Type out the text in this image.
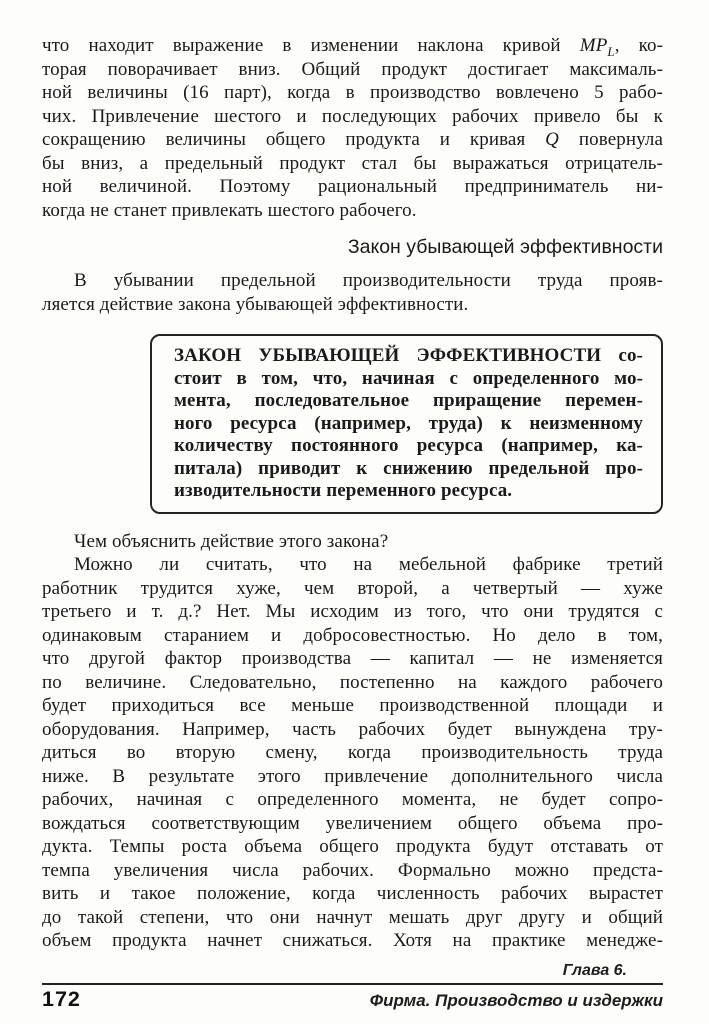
что находит выражение в изменении наклона кривой $MP_L$, ко-
торая поворачивает вниз. Общий продукт достигает максималь-
ной величины (16 парт), когда в производство вовлечено 5 рабо-
чих. Привлечение шестого и последующих рабочих привело бы к
сокращению величины общего продукта и кривая Q повернула
бы вниз, а предельный продукт стал бы выражаться отрицатель-
ной величиной. Поэтому рациональный предприниматель ни-
когда не станет привлекать шестого рабочего.
Закон убывающей эффективности
В убывании предельной производительности труда прояв-
ляется действие закона убывающей эффективности.
ЗАКОН УБЫВАЮЩЕЙ ЭФФЕКТИВНОСТИ со-
стоит в том, что, начиная с определенного мо-
мента, последовательное приращение перемен-
ного ресурса (например, труда) к неизменному
количеству постоянного ресурса (например, ка-
питала) приводит к снижению предельной про-
изводительности переменного ресурса.
Чем объяснить действие этого закона?
Можно ли считать, что на мебельной фабрике третий
работник трудится хуже, чем второй, а четвертый — хуже
третьего и т. д.? Нет. Мы исходим из того, что они трудятся с
одинаковым старанием и добросовестностью. Но дело в том,
что другой фактор производства — капитал — не изменяется
по величине. Следовательно, постепенно на каждого рабочего
будет приходиться все меньше производственной площади и
оборудования. Например, часть рабочих будет вынуждена тру-
диться во вторую смену, когда производительность труда
ниже. В результате этого привлечение дополнительного числа
рабочих, начиная с определенного момента, не будет сопро-
вождаться соответствующим увеличением общего объема про-
дукта. Темпы роста объема общего продукта будут отставать от
темпа увеличения числа рабочих. Формально можно предста-
вить и такое положение, когда численность рабочих вырастет
до такой степени, что они начнут мешать друг другу и общий
объем продукта начнет снижаться. Хотя на практике менедже-
Глава 6.
172	Фирма. Производство и издержки
